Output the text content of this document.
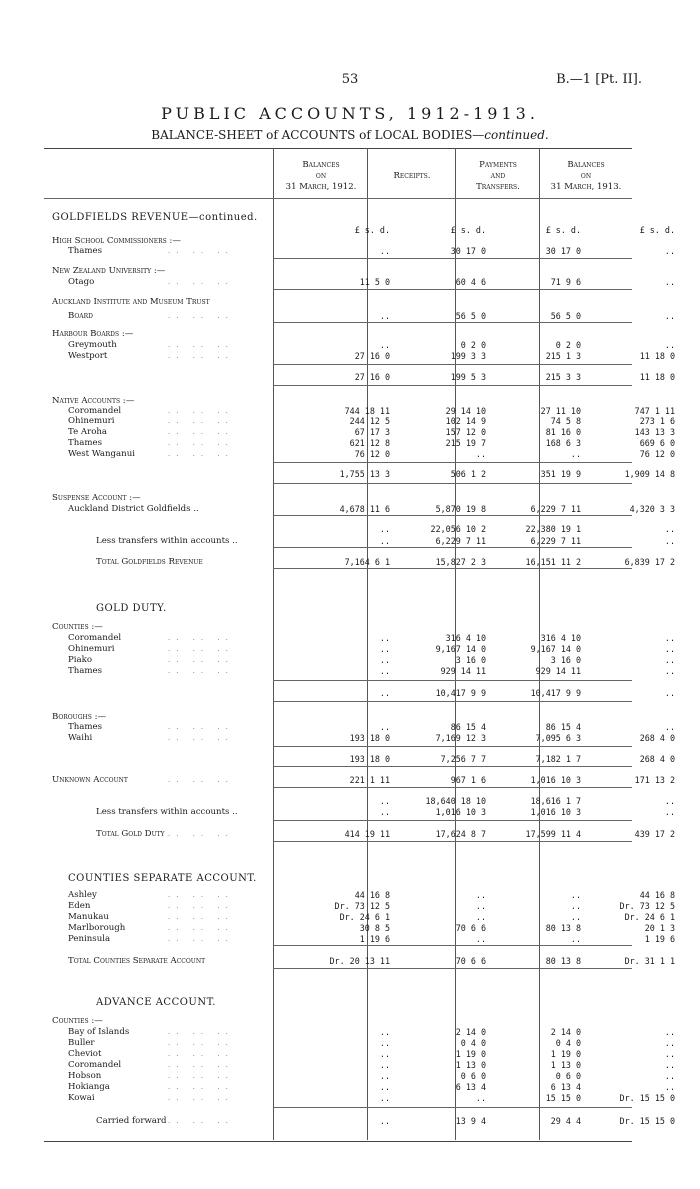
53	B.—1 [Pt. II].
PUBLIC ACCOUNTS, 1912-1913.
BALANCE-SHEET of ACCOUNTS of LOCAL BODIES—continued.
Balances
on
31 March, 1912.
Receipts.
Payments
and
Transfers.
Balances
on
31 March, 1913.
GOLDFIELDS REVENUE—continued.
£ s. d.	£ s. d.	£ s. d.	£ s. d.
High School Commissioners :—
Thames	.. .. ..	..	30 17 0	30 17 0	..
New Zealand University :—
Otago	.. .. ..	11 5 0	60 4 6	71 9 6	..
Auckland Institute and Museum Trust
Board	.. .. ..	..	56 5 0	56 5 0	..
Harbour Boards :—
Greymouth	.. .. ..	..	0 2 0	0 2 0	..
Westport	.. .. ..	27 16 0	199 3 3	215 1 3	11 18 0
27 16 0	199 5 3	215 3 3	11 18 0
Native Accounts :—
Coromandel	.. .. ..	744 18 11	29 14 10	27 11 10	747 1 11
Ohinemuri	.. .. ..	244 12 5	102 14 9	74 5 8	273 1 6
Te Aroha	.. .. ..	67 17 3	157 12 0	81 16 0	143 13 3
Thames	.. .. ..	621 12 8	215 19 7	168 6 3	669 6 0
West Wanganui	.. .. ..	76 12 0	..	..	76 12 0
1,755 13 3	506 1 2	351 19 9	1,909 14 8
Suspense Account :—
Auckland District Goldfields ..	4,678 11 6	5,870 19 8	6,229 7 11	4,320 3 3
..	22,056 10 2	22,380 19 1	..
Less transfers within accounts ..	..	6,229 7 11	6,229 7 11	..
Total Goldfields Revenue	7,164 6 1	15,827 2 3	16,151 11 2	6,839 17 2
GOLD DUTY.
Counties :—
Coromandel	.. .. ..	..	316 4 10	316 4 10	..
Ohinemuri	.. .. ..	..	9,167 14 0	9,167 14 0	..
Piako	.. .. ..	..	3 16 0	3 16 0	..
Thames	.. .. ..	..	929 14 11	929 14 11	..
..	10,417 9 9	10,417 9 9	..
Boroughs :—
Thames	.. .. ..	..	86 15 4	86 15 4	..
Waihi	.. .. ..	193 18 0	7,169 12 3	7,095 6 3	268 4 0
193 18 0	7,256 7 7	7,182 1 7	268 4 0
Unknown Account	.. .. ..	221 1 11	967 1 6	1,016 10 3	171 13 2
..	18,640 18 10	18,616 1 7	..
Less transfers within accounts ..	..	1,016 10 3	1,016 10 3	..
Total Gold Duty .. .. ..	414 19 11	17,624 8 7	17,599 11 4	439 17 2
COUNTIES SEPARATE ACCOUNT.
Ashley	.. .. ..	44 16 8	..	..	44 16 8
Eden	.. .. ..	Dr. 73 12 5	..	..	Dr. 73 12 5
Manukau	.. .. ..	Dr. 24 6 1	..	..	Dr. 24 6 1
Marlborough	.. .. ..	30 8 5	70 6 6	80 13 8	20 1 3
Peninsula	.. .. ..	1 19 6	..	..	1 19 6
Total Counties Separate Account	Dr. 20 13 11	70 6 6	80 13 8	Dr. 31 1 1
ADVANCE ACCOUNT.
Counties :—
Bay of Islands	.. .. ..	..	2 14 0	2 14 0	..
Buller	.. .. ..	..	0 4 0	0 4 0	..
Cheviot	.. .. ..	..	1 19 0	1 19 0	..
Coromandel	.. .. ..	..	1 13 0	1 13 0	..
Hobson	.. .. ..	..	0 6 0	0 6 0	..
Hokianga	.. .. ..	..	6 13 4	6 13 4	..
Kowai	.. .. ..	..	..	15 15 0	Dr. 15 15 0
Carried forward .. .. ..	..	13 9 4	29 4 4	Dr. 15 15 0
